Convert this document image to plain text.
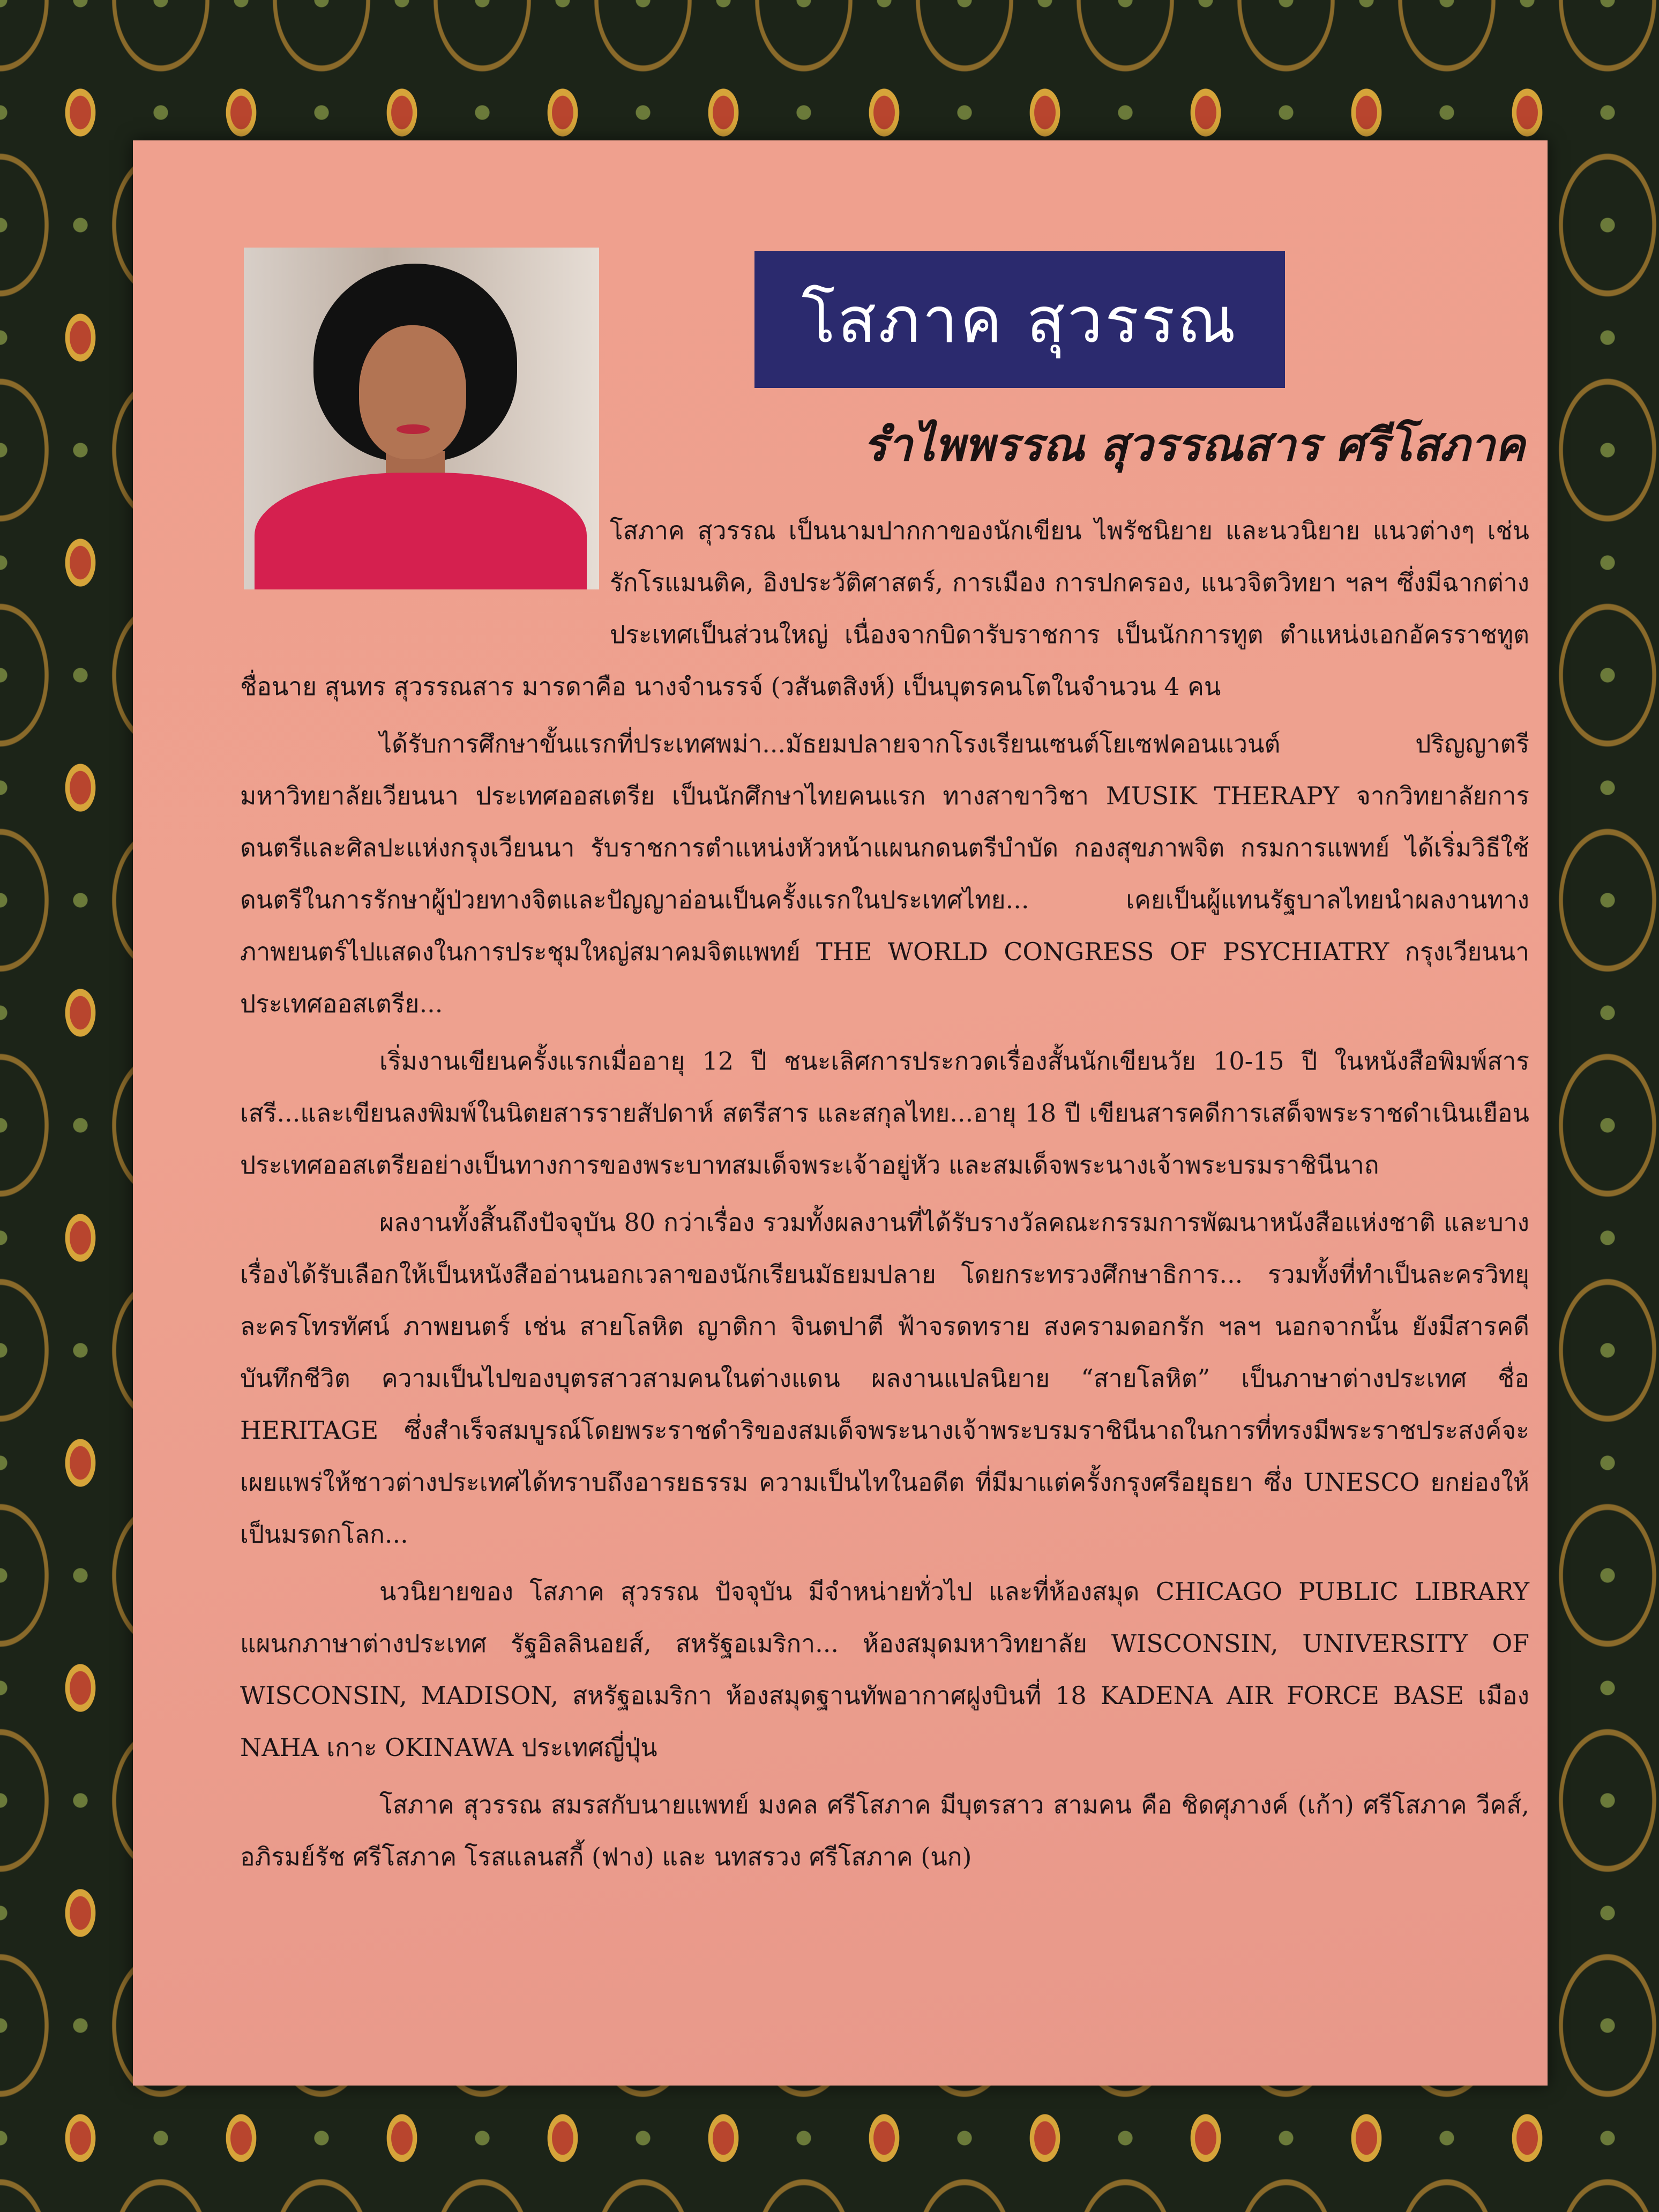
โสภาค สุวรรณ
รำไพพรรณ สุวรรณสาร ศรีโสภาค

โสภาค สุวรรณ เป็นนามปากกาของนักเขียน ไพรัชนิยาย และนวนิยาย แนวต่างๆ เช่น รักโรแมนติค, อิงประวัติศาสตร์, การเมือง การปกครอง, แนวจิตวิทยา ฯลฯ ซึ่งมีฉากต่างประเทศเป็นส่วนใหญ่ เนื่องจากบิดารับราชการ เป็นนักการทูต ตำแหน่งเอกอัครราชทูต ชื่อนาย สุนทร สุวรรณสาร มารดาคือ นางจำนรรจ์ (วสันตสิงห์) เป็นบุตรคนโตในจำนวน 4 คน

ได้รับการศึกษาขั้นแรกที่ประเทศพม่า...มัธยมปลายจากโรงเรียนเซนต์โยเซฟคอนแวนต์ ปริญญาตรี มหาวิทยาลัยเวียนนา ประเทศออสเตรีย เป็นนักศึกษาไทยคนแรก ทางสาขาวิชา MUSIK THERAPY จากวิทยาลัยการดนตรีและศิลปะแห่งกรุงเวียนนา รับราชการตำแหน่งหัวหน้าแผนกดนตรีบำบัด กองสุขภาพจิต กรมการแพทย์ ได้เริ่มวิธีใช้ดนตรีในการรักษาผู้ป่วยทางจิตและปัญญาอ่อนเป็นครั้งแรกในประเทศไทย... เคยเป็นผู้แทนรัฐบาลไทยนำผลงานทางภาพยนตร์ไปแสดงในการประชุมใหญ่สมาคมจิตแพทย์ THE WORLD CONGRESS OF PSYCHIATRY กรุงเวียนนา ประเทศออสเตรีย...

เริ่มงานเขียนครั้งแรกเมื่ออายุ 12 ปี ชนะเลิศการประกวดเรื่องสั้นนักเขียนวัย 10-15 ปี ในหนังสือพิมพ์สารเสรี...และเขียนลงพิมพ์ในนิตยสารรายสัปดาห์ สตรีสาร และสกุลไทย...อายุ 18 ปี เขียนสารคดีการเสด็จพระราชดำเนินเยือนประเทศออสเตรียอย่างเป็นทางการของพระบาทสมเด็จพระเจ้าอยู่หัว และสมเด็จพระนางเจ้าพระบรมราชินีนาถ

ผลงานทั้งสิ้นถึงปัจจุบัน 80 กว่าเรื่อง รวมทั้งผลงานที่ได้รับรางวัลคณะกรรมการพัฒนาหนังสือแห่งชาติ และบางเรื่องได้รับเลือกให้เป็นหนังสืออ่านนอกเวลาของนักเรียนมัธยมปลาย โดยกระทรวงศึกษาธิการ... รวมทั้งที่ทำเป็นละครวิทยุ ละครโทรทัศน์ ภาพยนตร์ เช่น สายโลหิต ญาติกา จินตปาตี ฟ้าจรดทราย สงครามดอกรัก ฯลฯ นอกจากนั้น ยังมีสารคดี บันทึกชีวิต ความเป็นไปของบุตรสาวสามคนในต่างแดน ผลงานแปลนิยาย “สายโลหิต” เป็นภาษาต่างประเทศ ชื่อ HERITAGE ซึ่งสำเร็จสมบูรณ์โดยพระราชดำริของสมเด็จพระนางเจ้าพระบรมราชินีนาถในการที่ทรงมีพระราชประสงค์จะเผยแพร่ให้ชาวต่างประเทศได้ทราบถึงอารยธรรม ความเป็นไทในอดีต ที่มีมาแต่ครั้งกรุงศรีอยุธยา ซึ่ง UNESCO ยกย่องให้เป็นมรดกโลก...

นวนิยายของ โสภาค สุวรรณ ปัจจุบัน มีจำหน่ายทั่วไป และที่ห้องสมุด CHICAGO PUBLIC LIBRARY แผนกภาษาต่างประเทศ รัฐอิลลินอยส์, สหรัฐอเมริกา... ห้องสมุดมหาวิทยาลัย WISCONSIN, UNIVERSITY OF WISCONSIN, MADISON, สหรัฐอเมริกา ห้องสมุดฐานทัพอากาศฝูงบินที่ 18 KADENA AIR FORCE BASE เมือง NAHA เกาะ OKINAWA ประเทศญี่ปุ่น

โสภาค สุวรรณ สมรสกับนายแพทย์ มงคล ศรีโสภาค มีบุตรสาว สามคน คือ ชิดศุภางค์ (เก้า) ศรีโสภาค วีคส์, อภิรมย์รัช ศรีโสภาค โรสแลนสกี้ (ฟาง) และ นทสรวง ศรีโสภาค (นก)
